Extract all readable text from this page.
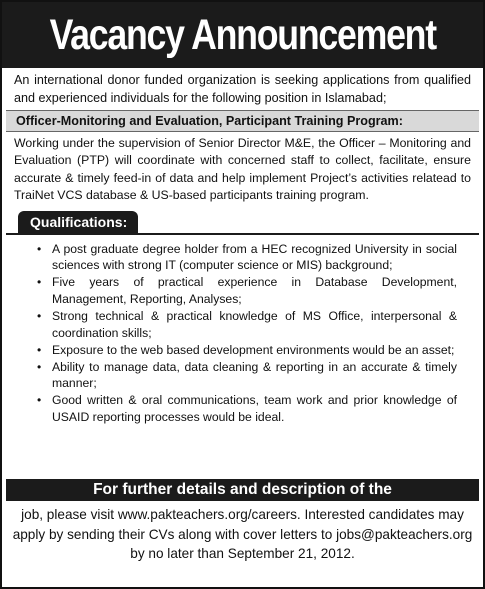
Vacancy Announcement

An international donor funded organization is seeking applications from qualified and experienced individuals for the following position in Islamabad;

Officer-Monitoring and Evaluation, Participant Training Program:

Working under the supervision of Senior Director M&E, the Officer – Monitoring and Evaluation (PTP) will coordinate with concerned staff to collect, facilitate, ensure accurate & timely feed-in of data and help implement Project’s activities relatead to TraiNet VCS database & US-based participants training program.

Qualifications:
• A post graduate degree holder from a HEC recognized University in social sciences with strong IT (computer science or MIS) background;
• Five years of practical experience in Database Development, Management, Reporting, Analyses;
• Strong technical & practical knowledge of MS Office, interpersonal & coordination skills;
• Exposure to the web based development environments would be an asset;
• Ability to manage data, data cleaning & reporting in an accurate & timely manner;
• Good written & oral communications, team work and prior knowledge of USAID reporting processes would be ideal.
For further details and description of the

job, please visit www.pakteachers.org/careers. Interested candidates may apply by sending their CVs along with cover letters to jobs@pakteachers.org by no later than September 21, 2012.
